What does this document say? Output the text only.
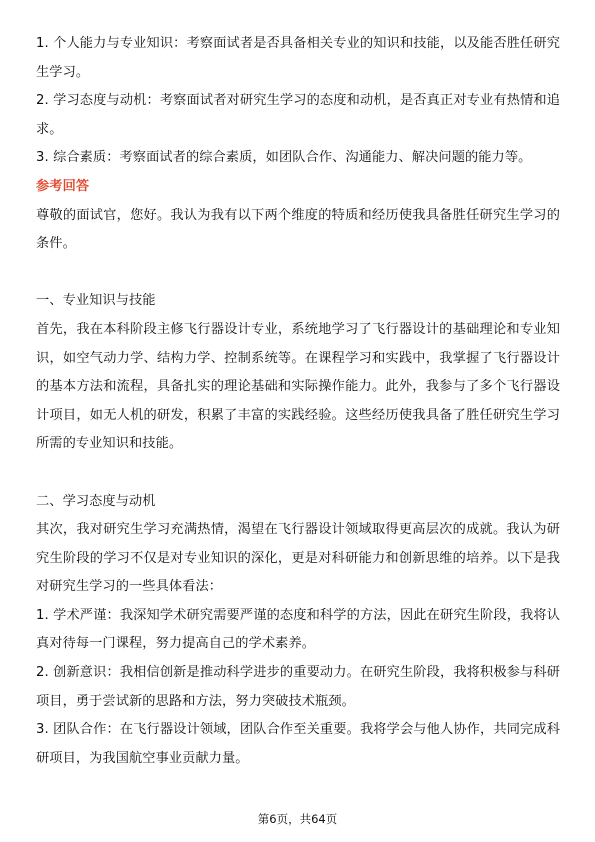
1. 个人能力与专业知识：考察面试者是否具备相关专业的知识和技能，以及能否胜任研究生学习。

2. 学习态度与动机：考察面试者对研究生学习的态度和动机，是否真正对专业有热情和追求。

3. 综合素质：考察面试者的综合素质，如团队合作、沟通能力、解决问题的能力等。

参考回答

尊敬的面试官，您好。我认为我有以下两个维度的特质和经历使我具备胜任研究生学习的条件。

一、专业知识与技能

首先，我在本科阶段主修飞行器设计专业，系统地学习了飞行器设计的基础理论和专业知识，如空气动力学、结构力学、控制系统等。在课程学习和实践中，我掌握了飞行器设计的基本方法和流程，具备扎实的理论基础和实际操作能力。此外，我参与了多个飞行器设计项目，如无人机的研发，积累了丰富的实践经验。这些经历使我具备了胜任研究生学习所需的专业知识和技能。

二、学习态度与动机

其次，我对研究生学习充满热情，渴望在飞行器设计领域取得更高层次的成就。我认为研究生阶段的学习不仅是对专业知识的深化，更是对科研能力和创新思维的培养。以下是我对研究生学习的一些具体看法：

1. 学术严谨：我深知学术研究需要严谨的态度和科学的方法，因此在研究生阶段，我将认真对待每一门课程，努力提高自己的学术素养。

2. 创新意识：我相信创新是推动科学进步的重要动力。在研究生阶段，我将积极参与科研项目，勇于尝试新的思路和方法，努力突破技术瓶颈。

3. 团队合作：在飞行器设计领域，团队合作至关重要。我将学会与他人协作，共同完成科研项目，为我国航空事业贡献力量。

第6页，共64页
